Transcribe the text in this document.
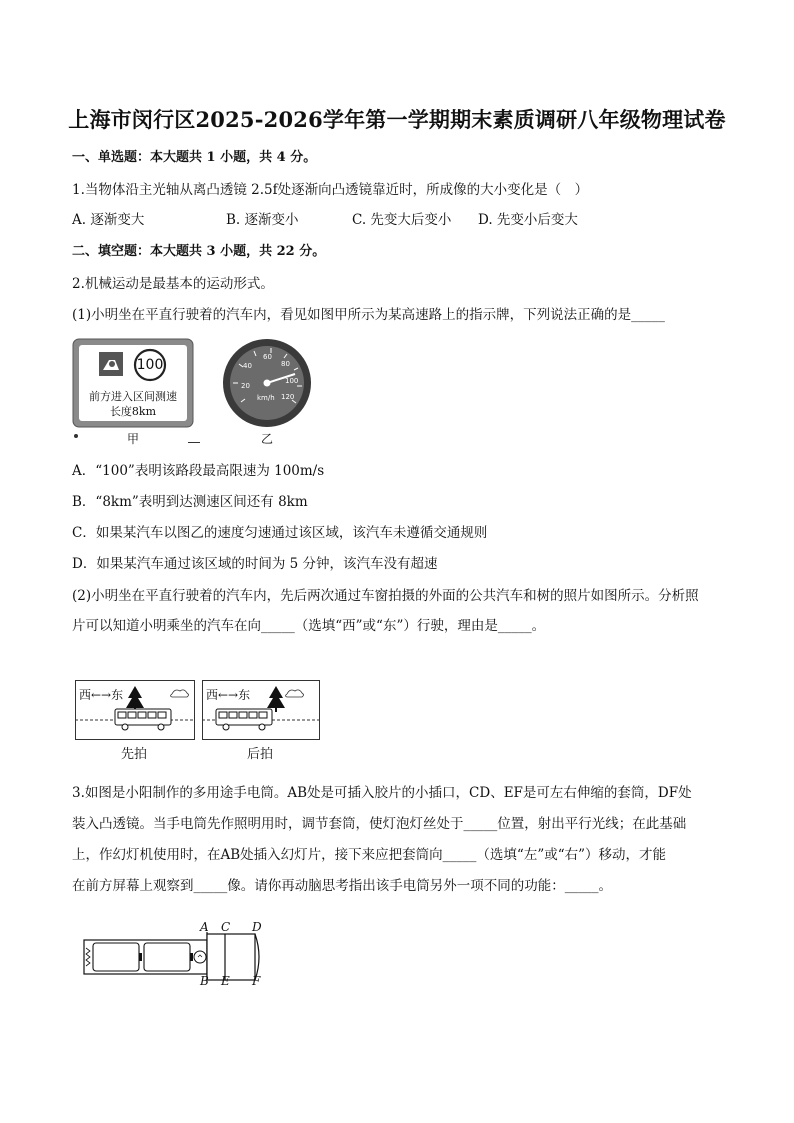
上海市闵行区2025-2026学年第一学期期末素质调研八年级物理试卷
一、单选题：本大题共 1 小题，共 4 分。
1.当物体沿主光轴从离凸透镜 2.5f处逐渐向凸透镜靠近时，所成像的大小变化是（　）
A. 逐渐变大	B. 逐渐变小	C. 先变大后变小 D. 先变小后变大
二、填空题：本大题共 3 小题，共 22 分。
2.机械运动是最基本的运动形式。
(1)小明坐在平直行驶着的汽车内，看见如图甲所示为某高速路上的指示牌，下列说法正确的是_____
100
前方进入区间测速
长度8km
甲
20
40
60
80
100
120
km/h
乙
A．“100”表明该路段最高限速为 100m/s
B．“8km”表明到达测速区间还有 8km
C．如果某汽车以图乙的速度匀速通过该区域，该汽车未遵循交通规则
D．如果某汽车通过该区域的时间为 5 分钟，该汽车没有超速
(2)小明坐在平直行驶着的汽车内，先后两次通过车窗拍摄的外面的公共汽车和树的照片如图所示。分析照
片可以知道小明乘坐的汽车在向_____（选填“西”或“东”）行驶，理由是_____。
西←→东
先拍
西←→东
后拍
3.如图是小阳制作的多用途手电筒。AB处是可插入胶片的小插口，CD、EF是可左右伸缩的套筒，DF处
装入凸透镜。当手电筒先作照明用时，调节套筒，使灯泡灯丝处于_____位置，射出平行光线；在此基础
上，作幻灯机使用时，在AB处插入幻灯片，接下来应把套筒向_____（选填“左”或“右”）移动，才能
在前方屏幕上观察到_____像。请你再动脑思考指出该手电筒另外一项不同的功能：_____。
A C D
B E F
